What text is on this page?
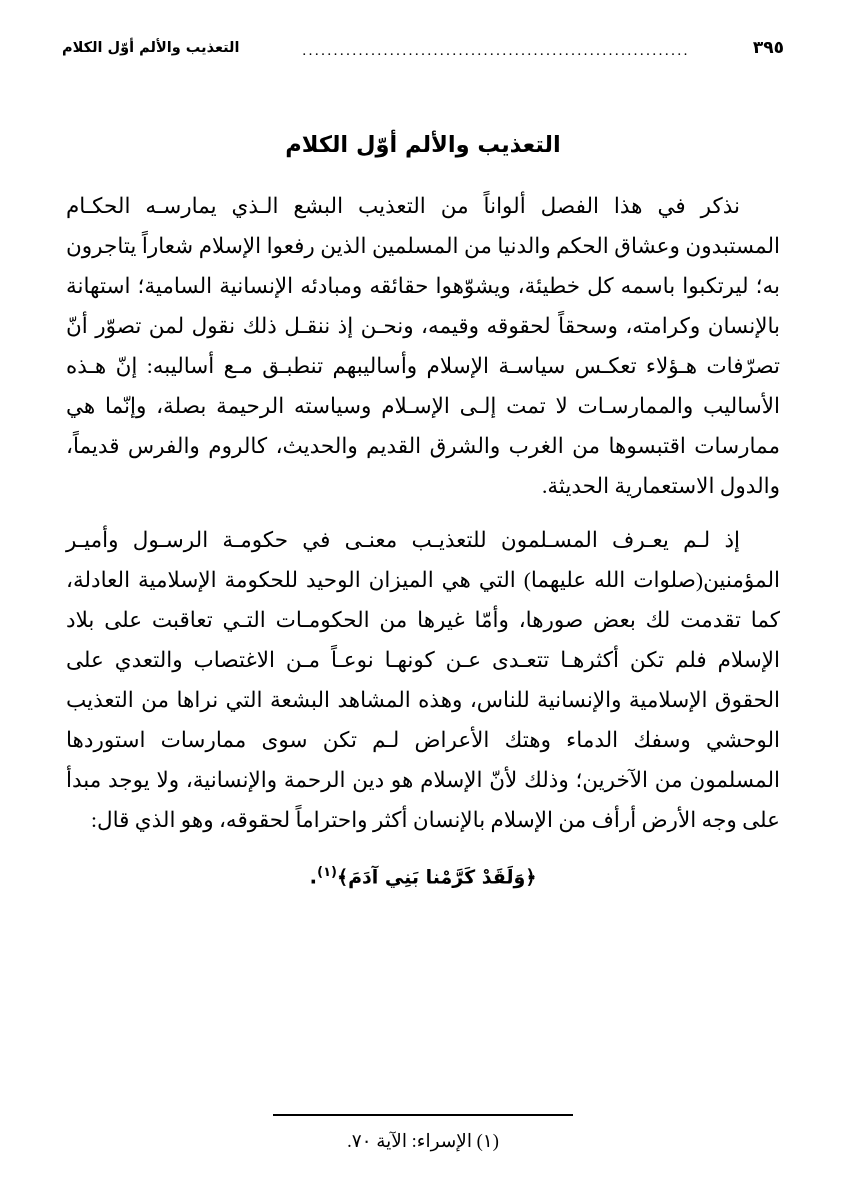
التعذيب والألم أوّل الكلام	..............................................................	٣٩٥
التعذيب والألم أوّل الكلام

نذكر في هذا الفصل ألواناً من التعذيب البشع الـذي يمارسـه الحكـام المستبدون وعشاق الحكم والدنيا من المسلمين الذين رفعوا الإسلام شعاراً يتاجرون به؛ ليرتكبوا باسمه كل خطيئة، ويشوّهوا حقائقه ومبادئه الإنسانية السامية؛ استهانة بالإنسان وكرامته، وسحقاً لحقوقه وقيمه، ونحـن إذ ننقـل ذلك نقول لمن تصوّر أنّ تصرّفات هـؤلاء تعكـس سياسـة الإسلام وأساليبهم تنطبـق مـع أساليبه: إنّ هـذه الأساليب والممارسـات لا تمت إلـى الإسـلام وسياسته الرحيمة بصلة، وإنّما هي ممارسات اقتبسوها من الغرب والشرق القديم والحديث، كالروم والفرس قديماً، والدول الاستعمارية الحديثة.

إذ لـم يعـرف المسـلمون للتعذيـب معنـى في حكومـة الرسـول وأميـر المؤمنين(صلوات الله عليهما) التي هي الميزان الوحيد للحكومة الإسلامية العادلة، كما تقدمت لك بعض صورها، وأمّا غيرها من الحكومـات التـي تعاقبت على بلاد الإسلام فلم تكن أكثرهـا تتعـدى عـن كونهـا نوعـاً مـن الاغتصاب والتعدي على الحقوق الإسلامية والإنسانية للناس، وهذه المشاهد البشعة التي نراها من التعذيب الوحشي وسفك الدماء وهتك الأعراض لـم تكن سوى ممارسات استوردها المسلمون من الآخرين؛ وذلك لأنّ الإسلام هو دين الرحمة والإنسانية، ولا يوجد مبدأ على وجه الأرض أرأف من الإسلام بالإنسان أكثر واحتراماً لحقوقه، وهو الذي قال:

﴿وَلَقَدْ كَرَّمْنا بَنِي آدَمَ﴾$^{(١)}$.
(١) الإسراء: الآية ٧٠.
